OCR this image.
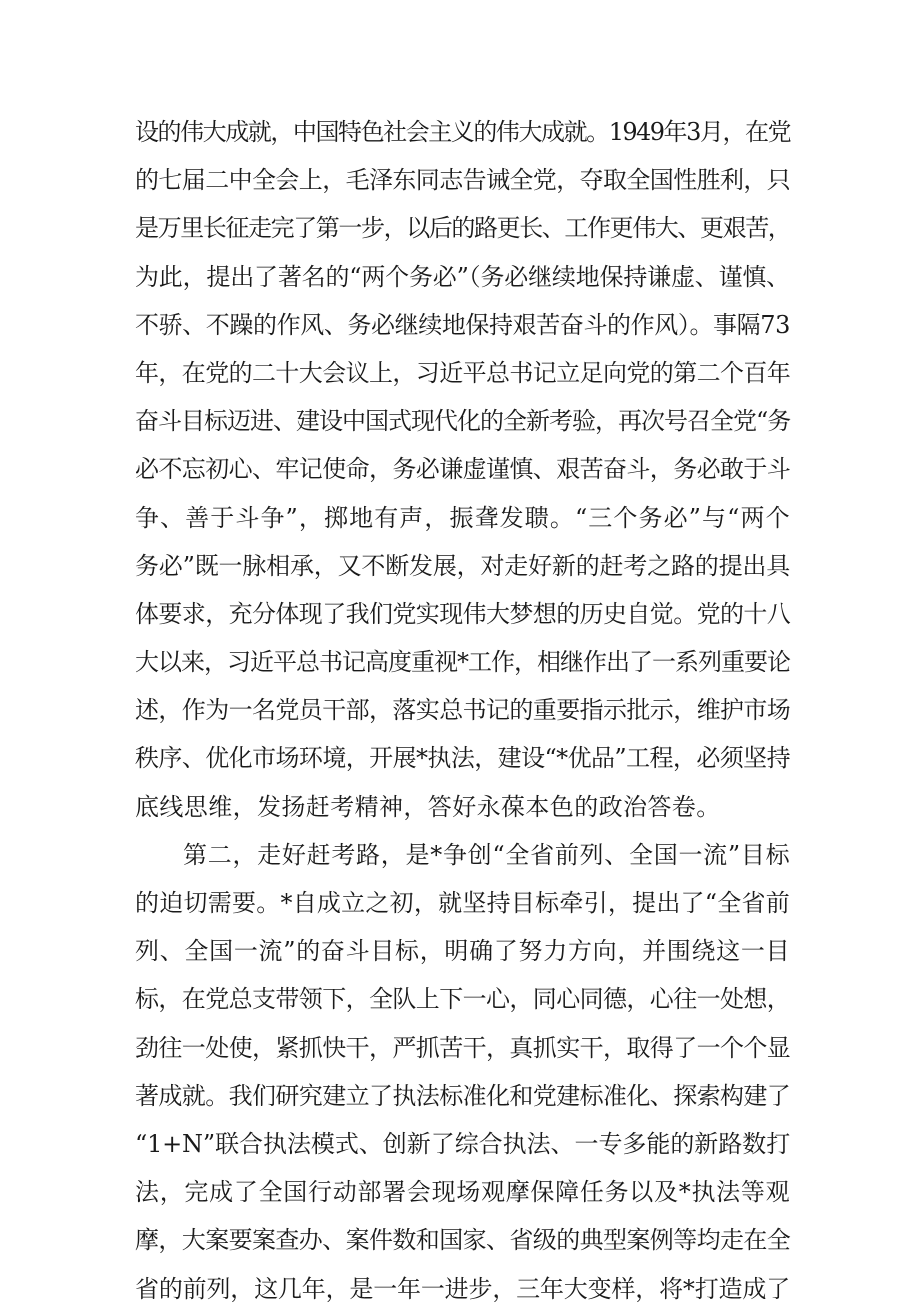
设的伟大成就，中国特色社会主义的伟大成就。1949年3月，在党
的七届二中全会上，毛泽东同志告诫全党，夺取全国性胜利，只
是万里长征走完了第一步，以后的路更长、工作更伟大、更艰苦，
为此，提出了著名的“两个务必”（务必继续地保持谦虚、谨慎、
不骄、不躁的作风、务必继续地保持艰苦奋斗的作风）。事隔73
年，在党的二十大会议上，习近平总书记立足向党的第二个百年
奋斗目标迈进、建设中国式现代化的全新考验，再次号召全党“务
必不忘初心、牢记使命，务必谦虚谨慎、艰苦奋斗，务必敢于斗
争、善于斗争”，掷地有声，振聋发聩。“三个务必”与“两个
务必”既一脉相承，又不断发展，对走好新的赶考之路的提出具
体要求，充分体现了我们党实现伟大梦想的历史自觉。党的十八
大以来，习近平总书记高度重视*工作，相继作出了一系列重要论
述，作为一名党员干部，落实总书记的重要指示批示，维护市场
秩序、优化市场环境，开展*执法，建设“*优品”工程，必须坚持
底线思维，发扬赶考精神，答好永葆本色的政治答卷。
第二，走好赶考路，是*争创“全省前列、全国一流”目标
的迫切需要。*自成立之初，就坚持目标牵引，提出了“全省前
列、全国一流”的奋斗目标，明确了努力方向，并围绕这一目
标，在党总支带领下，全队上下一心，同心同德，心往一处想，
劲往一处使，紧抓快干，严抓苦干，真抓实干，取得了一个个显
著成就。我们研究建立了执法标准化和党建标准化、探索构建了
“1+N”联合执法模式、创新了综合执法、一专多能的新路数打
法，完成了全国行动部署会现场观摩保障任务以及*执法等观
摩，大案要案查办、案件数和国家、省级的典型案例等均走在全
省的前列，这几年，是一年一进步，三年大变样，将*打造成了
